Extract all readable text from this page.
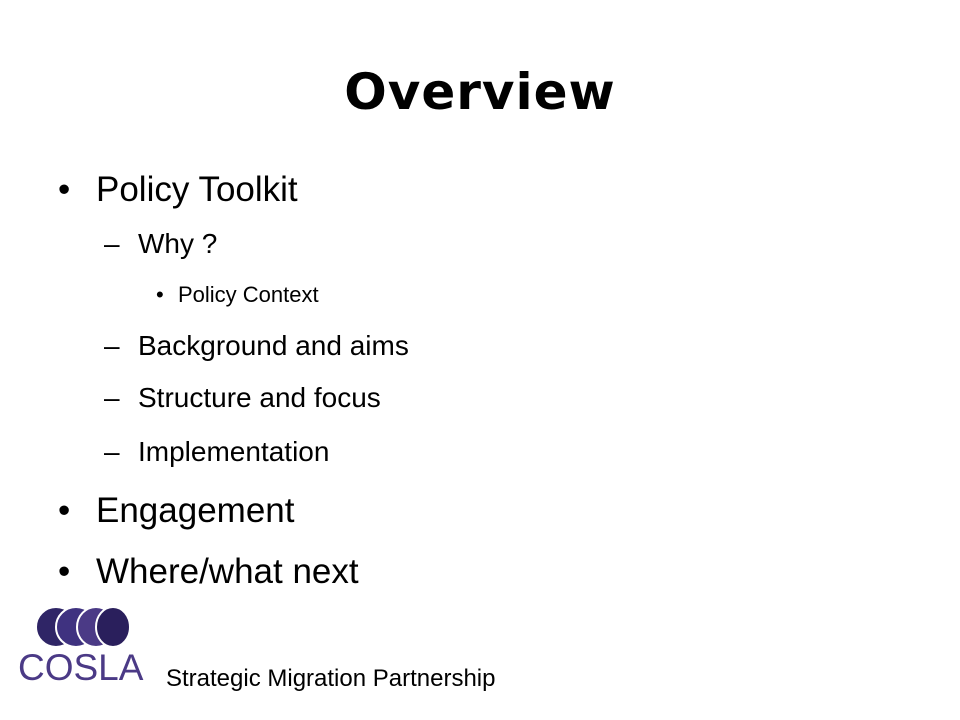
Overview
• Policy Toolkit
– Why ?
• Policy Context
– Background and aims
– Structure and focus
– Implementation
• Engagement
• Where/what next
COSLA Strategic Migration Partnership
